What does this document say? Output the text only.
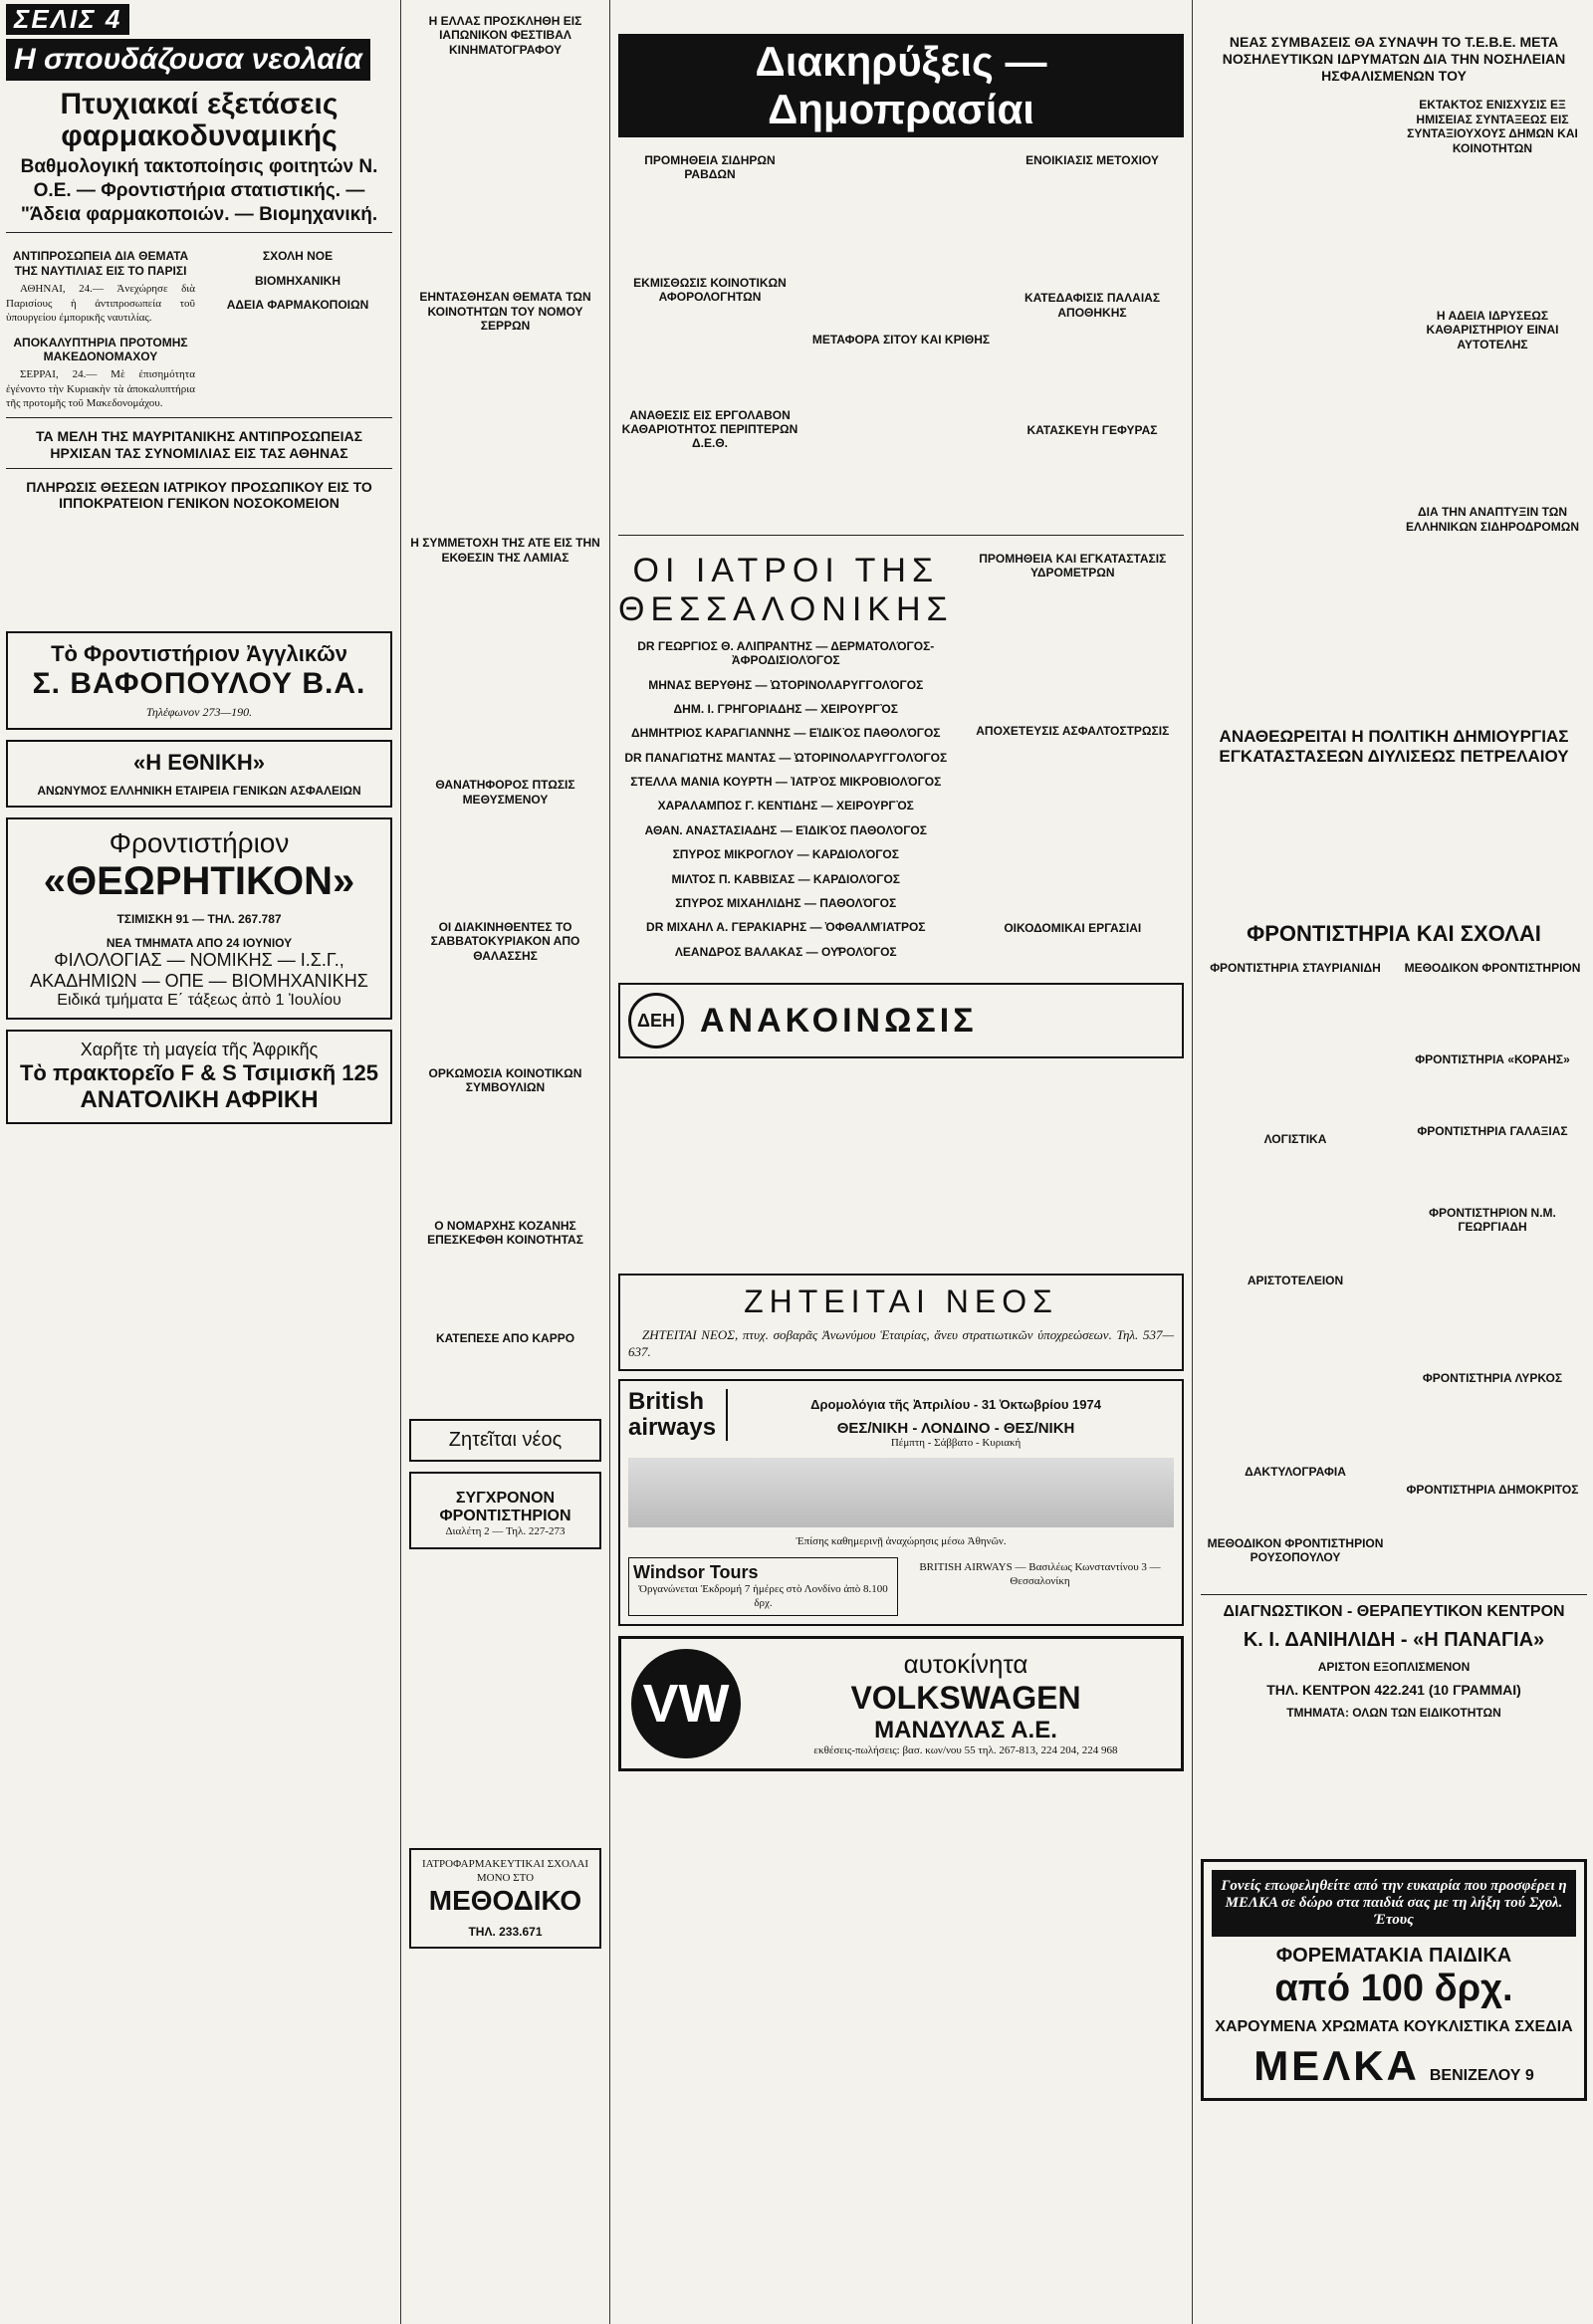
ΣΕΛΙΣ 4
Η σπουδάζουσα νεολαία
Πτυχιακαί εξετάσεις φαρμακοδυναμικής
Βαθμολογική τακτοποίησις φοιτητών Ν. Ο.Ε. — Φροντιστήρια στατιστικής. — "Άδεια φαρμακοποιών. — Βιομηχανική.
ΑΝΤΙΠΡΟΣΩΠΕΙΑ ΔΙΑ ΘΕΜΑΤΑ ΤΗΣ ΝΑΥΤΙΛΙΑΣ ΕΙΣ ΤΟ ΠΑΡΙΣΙ

ΑΘΗΝΑΙ, 24.— Ἀνεχώρησε διὰ Παρισίους ἡ ἀντιπροσωπεία τοῦ ὑπουργείου ἐμπορικῆς ναυτιλίας.

ΑΠΟΚΑΛΥΠΤΗΡΙΑ ΠΡΟΤΟΜΗΣ ΜΑΚΕΔΟΝΟΜΑΧΟΥ

ΣΕΡΡΑΙ, 24.— Μὲ ἐπισημότητα ἐγένοντο τὴν Κυριακὴν τὰ ἀποκαλυπτήρια τῆς προτομῆς τοῦ Μακεδονομάχου.

ΣΧΟΛΗ ΝΟΕ
ΒΙΟΜΗΧΑΝΙΚΗ
ΑΔΕΙΑ ΦΑΡΜΑΚΟΠΟΙΩΝ
ΤΑ ΜΕΛΗ ΤΗΣ ΜΑΥΡΙΤΑΝΙΚΗΣ ΑΝΤΙΠΡΟΣΩΠΕΙΑΣ ΗΡΧΙΣΑΝ ΤΑΣ ΣΥΝΟΜΙΛΙΑΣ ΕΙΣ ΤΑΣ ΑΘΗΝΑΣ
ΠΛΗΡΩΣΙΣ ΘΕΣΕΩΝ ΙΑΤΡΙΚΟΥ ΠΡΟΣΩΠΙΚΟΥ ΕΙΣ ΤΟ ΙΠΠΟΚΡΑΤΕΙΟΝ ΓΕΝΙΚΟΝ ΝΟΣΟΚΟΜΕΙΟΝ
Τὸ Φροντιστήριον Ἀγγλικῶν
Σ. ΒΑΦΟΠΟΥΛΟΥ Β.Α.
Τηλέφωνον 273—190.
«Η ΕΘΝΙΚΗ»
ΑΝΩΝΥΜΟΣ ΕΛΛΗΝΙΚΗ ΕΤΑΙΡΕΙΑ ΓΕΝΙΚΩΝ ΑΣΦΑΛΕΙΩΝ
Φροντιστήριον
«ΘΕΩΡΗΤΙΚΟΝ»
ΤΣΙΜΙΣΚΗ 91 — ΤΗΛ. 267.787
ΝΕΑ ΤΜΗΜΑΤΑ ΑΠΟ 24 ΙΟΥΝΙΟΥ
ΦΙΛΟΛΟΓΙΑΣ — ΝΟΜΙΚΗΣ — Ι.Σ.Γ.,
ΑΚΑΔΗΜΙΩΝ — ΟΠΕ — ΒΙΟΜΗΧΑΝΙΚΗΣ
Ειδικά τμήματα Ε΄ τάξεως ἀπὸ 1 Ἰουλίου
Χαρῆτε τὴ μαγεία τῆς Ἀφρικῆς
Τὸ πρακτορεῖο F & S Τσιμισκῆ 125
ΑΝΑΤΟΛΙΚΗ ΑΦΡΙΚΗ
Η ΕΛΛΑΣ ΠΡΟΣΚΛΗΘΗ ΕΙΣ ΙΑΠΩΝΙΚΟΝ ΦΕΣΤΙΒΑΛ ΚΙΝΗΜΑΤΟΓΡΑΦΟΥ
ΕΗΝΤΑΣΘΗΣΑΝ ΘΕΜΑΤΑ ΤΩΝ ΚΟΙΝΟΤΗΤΩΝ ΤΟΥ ΝΟΜΟΥ ΣΕΡΡΩΝ
Η ΣΥΜΜΕΤΟΧΗ ΤΗΣ ΑΤΕ ΕΙΣ ΤΗΝ ΕΚΘΕΣΙΝ ΤΗΣ ΛΑΜΙΑΣ
ΘΑΝΑΤΗΦΟΡΟΣ ΠΤΩΣΙΣ ΜΕΘΥΣΜΕΝΟΥ
ΟΙ ΔΙΑΚΙΝΗΘΕΝΤΕΣ ΤΟ ΣΑΒΒΑΤΟΚΥΡΙΑΚΟΝ ΑΠΟ ΘΑΛΑΣΣΗΣ
ΟΡΚΩΜΟΣΙΑ ΚΟΙΝΟΤΙΚΩΝ ΣΥΜΒΟΥΛΙΩΝ
Ο ΝΟΜΑΡΧΗΣ ΚΟΖΑΝΗΣ ΕΠΕΣΚΕΦΘΗ ΚΟΙΝΟΤΗΤΑΣ
ΚΑΤΕΠΕΣΕ ΑΠΟ ΚΑΡΡΟ
Ζητεῖται νέος
ΣΥΓΧΡΟΝΟΝ ΦΡΟΝΤΙΣΤΗΡΙΟΝ
Διαλέτη 2 — Τηλ. 227-273
ΙΑΤΡΟΦΑΡΜΑΚΕΥΤΙΚΑΙ ΣΧΟΛΑΙ ΜΟΝΟ ΣΤΟ
ΜΕΘΟΔΙΚΟ
ΤΗΛ. 233.671
Διακηρύξεις — Δημοπρασίαι
ΠΡΟΜΗΘΕΙΑ ΣΙΔΗΡΩΝ ΡΑΒΔΩΝ
ΕΚΜΙΣΘΩΣΙΣ ΚΟΙΝΟΤΙΚΩΝ ΑΦΟΡΟΛΟΓΗΤΩΝ
ΑΝΑΘΕΣΙΣ ΕΙΣ ΕΡΓΟΛΑΒΟΝ ΚΑΘΑΡΙΟΤΗΤΟΣ ΠΕΡΙΠΤΕΡΩΝ Δ.Ε.Θ.
ΜΕΤΑΦΟΡΑ ΣΙΤΟΥ ΚΑΙ ΚΡΙΘΗΣ
ΕΝΟΙΚΙΑΣΙΣ ΜΕΤΟΧΙΟΥ
ΚΑΤΕΔΑΦΙΣΙΣ ΠΑΛΑΙΑΣ ΑΠΟΘΗΚΗΣ
ΚΑΤΑΣΚΕΥΗ ΓΕΦΥΡΑΣ
ΟΙ ΙΑΤΡΟΙ ΤΗΣ ΘΕΣΣΑΛΟΝΙΚΗΣ
DR ΓΕΩΡΓΙΟΣ Θ. ΑΛΙΠΡΑΝΤΗΣ — ΔΕΡΜΑΤΟΛΌΓΟΣ-ἈΦΡΟΔΙΣΙΟΛΌΓΟΣ
ΜΗΝΑΣ ΒΕΡΥΘΗΣ — ὨΤΟΡΙΝΟΛΑΡΥΓΓΟΛΌΓΟΣ
ΔΗΜ. Ι. ΓΡΗΓΟΡΙΑΔΗΣ — ΧΕΙΡΟΥΡΓῸΣ
ΔΗΜΗΤΡΙΟΣ ΚΑΡΑΓΙΑΝΝΗΣ — ΕἸΔΙΚῸΣ ΠΑΘΟΛΌΓΟΣ
DR ΠΑΝΑΓΙΩΤΗΣ ΜΑΝΤΑΣ — ὨΤΟΡΙΝΟΛΑΡΥΓΓΟΛΌΓΟΣ
ΣΤΕΛΛΑ ΜΑΝΙΑ ΚΟΥΡΤΗ — ἸΑΤΡῸΣ ΜΙΚΡΟΒΙΟΛΌΓΟΣ
ΧΑΡΑΛΑΜΠΟΣ Γ. ΚΕΝΤΙΔΗΣ — ΧΕΙΡΟΥΡΓῸΣ
ΑΘΑΝ. ΑΝΑΣΤΑΣΙΑΔΗΣ — ΕἸΔΙΚῸΣ ΠΑΘΟΛΌΓΟΣ
ΣΠΥΡΟΣ ΜΙΚΡΟΓΛΟΥ — ΚΑΡΔΙΟΛΌΓΟΣ
ΜΙΛΤΟΣ Π. ΚΑΒΒΙΣΑΣ — ΚΑΡΔΙΟΛΌΓΟΣ
ΣΠΥΡΟΣ ΜΙΧΑΗΛΙΔΗΣ — ΠΑΘΟΛΌΓΟΣ
DR ΜΙΧΑΗΛ Α. ΓΕΡΑΚΙΑΡΗΣ — ὈΦΘΑΛΜΊΑΤΡΟΣ
ΛΕΑΝΔΡΟΣ ΒΑΛΑΚΑΣ — ΟΥ̓ΡΟΛΌΓΟΣ
ΠΡΟΜΗΘΕΙΑ ΚΑΙ ΕΓΚΑΤΑΣΤΑΣΙΣ ΥΔΡΟΜΕΤΡΩΝ
ΑΠΟΧΕΤΕΥΣΙΣ ΑΣΦΑΛΤΟΣΤΡΩΣΙΣ
ΟΙΚΟΔΟΜΙΚΑΙ ΕΡΓΑΣΙΑΙ
ΔΕΗ ΑΝΑΚΟΙΝΩΣΙΣ
ΖΗΤΕΙΤΑΙ ΝΕΟΣ

ΖΗΤΕΙΤΑΙ ΝΕΟΣ, πτυχ. σοβαρᾶς Ἀνωνύμου Ἑταιρίας, ἄνευ στρατιωτικῶν ὑποχρεώσεων. Τηλ. 537—637.

British
airways
Δρομολόγια τῆς Ἀπριλίου - 31 Ὀκτωβρίου 1974
ΘΕΣ/ΝΙΚΗ - ΛΟΝΔΙΝΟ - ΘΕΣ/ΝΙΚΗ
Πέμπτη - Σάββατο - Κυριακή
Ἐπίσης καθημερινῇ ἀναχώρησις μέσω Ἀθηνῶν.
Windsor Tours
Ὀργανώνεται Ἐκδρομή 7 ἡμέρες στὸ Λονδίνο ἀπὸ 8.100 δρχ.
BRITISH AIRWAYS — Βασιλέως Κωνσταντίνου 3 — Θεσσαλονίκη
VW
αυτοκίνητα
VOLKSWAGEN
ΜΑΝΔΥΛΑΣ Α.Ε.
εκθέσεις-πωλήσεις: βασ. κων/νου 55 τηλ. 267-813, 224 204, 224 968
ΝΕΑΣ ΣΥΜΒΑΣΕΙΣ ΘΑ ΣΥΝΑΨΗ ΤΟ Τ.Ε.Β.Ε. ΜΕΤΑ ΝΟΣΗΛΕΥΤΙΚΩΝ ΙΔΡΥΜΑΤΩΝ ΔΙΑ ΤΗΝ ΝΟΣΗΛΕΙΑΝ ΗΣΦΑΛΙΣΜΕΝΩΝ ΤΟΥ
ΕΚΤΑΚΤΟΣ ΕΝΙΣΧΥΣΙΣ ΕΞ ΗΜΙΣΕΙΑΣ ΣΥΝΤΑΞΕΩΣ ΕΙΣ ΣΥΝΤΑΞΙΟΥΧΟΥΣ ΔΗΜΩΝ ΚΑΙ ΚΟΙΝΟΤΗΤΩΝ
Η ΑΔΕΙΑ ΙΔΡΥΣΕΩΣ ΚΑΘΑΡΙΣΤΗΡΙΟΥ ΕΙΝΑΙ ΑΥΤΟΤΕΛΗΣ
ΔΙΑ ΤΗΝ ΑΝΑΠΤΥΞΙΝ ΤΩΝ ΕΛΛΗΝΙΚΩΝ ΣΙΔΗΡΟΔΡΟΜΩΝ
ΑΝΑΘΕΩΡΕΙΤΑΙ Η ΠΟΛΙΤΙΚΗ ΔΗΜΙΟΥΡΓΙΑΣ ΕΓΚΑΤΑΣΤΑΣΕΩΝ ΔΙΥΛΙΣΕΩΣ ΠΕΤΡΕΛΑΙΟΥ
ΦΡΟΝΤΙΣΤΗΡΙΑ ΚΑΙ ΣΧΟΛΑΙ
ΦΡΟΝΤΙΣΤΗΡΙΑ ΣΤΑΥΡΙΑΝΙΔΗ
ΛΟΓΙΣΤΙΚΑ
ΑΡΙΣΤΟΤΕΛΕΙΟΝ
ΔΑΚΤΥΛΟΓΡΑΦΙΑ
ΜΕΘΟΔΙΚΟΝ ΦΡΟΝΤΙΣΤΗΡΙΟΝ ΡΟΥΣΟΠΟΥΛΟΥ
ΜΕΘΟΔΙΚΟΝ ΦΡΟΝΤΙΣΤΗΡΙΟΝ
ΦΡΟΝΤΙΣΤΗΡΙΑ «ΚΟΡΑΗΣ»
ΦΡΟΝΤΙΣΤΗΡΙΑ ΓΑΛΑΞΙΑΣ
ΦΡΟΝΤΙΣΤΗΡΙΟΝ Ν.Μ. ΓΕΩΡΓΙΑΔΗ
ΦΡΟΝΤΙΣΤΗΡΙΑ ΛΥΡΚΟΣ
ΦΡΟΝΤΙΣΤΗΡΙΑ ΔΗΜΟΚΡΙΤΟΣ
ΔΙΑΓΝΩΣΤΙΚΟΝ - ΘΕΡΑΠΕΥΤΙΚΟΝ ΚΕΝΤΡΟΝ
Κ. Ι. ΔΑΝΙΗΛΙΔΗ - «Η ΠΑΝΑΓΙΑ»
ΑΡΙΣΤΟΝ ΕΞΟΠΛΙΣΜΕΝΟΝ
ΤΗΛ. ΚΕΝΤΡΟΝ 422.241 (10 ΓΡΑΜΜΑΙ)
ΤΜΗΜΑΤΑ: ΟΛΩΝ ΤΩΝ ΕΙΔΙΚΟΤΗΤΩΝ
Γονείς επωφεληθείτε από την ευκαιρία που προσφέρει η ΜΕΛΚΑ σε δώρο στα παιδιά σας με τη λήξη τού Σχολ. Έτους
ΦΟΡΕΜΑΤΑΚΙΑ ΠΑΙΔΙΚΑ
από 100 δρχ.
ΧΑΡΟΥΜΕΝΑ ΧΡΩΜΑΤΑ ΚΟΥΚΛΙΣΤΙΚΑ ΣΧΕΔΙΑ
ΜΕΛΚΑ ΒΕΝΙΖΕΛΟΥ 9
